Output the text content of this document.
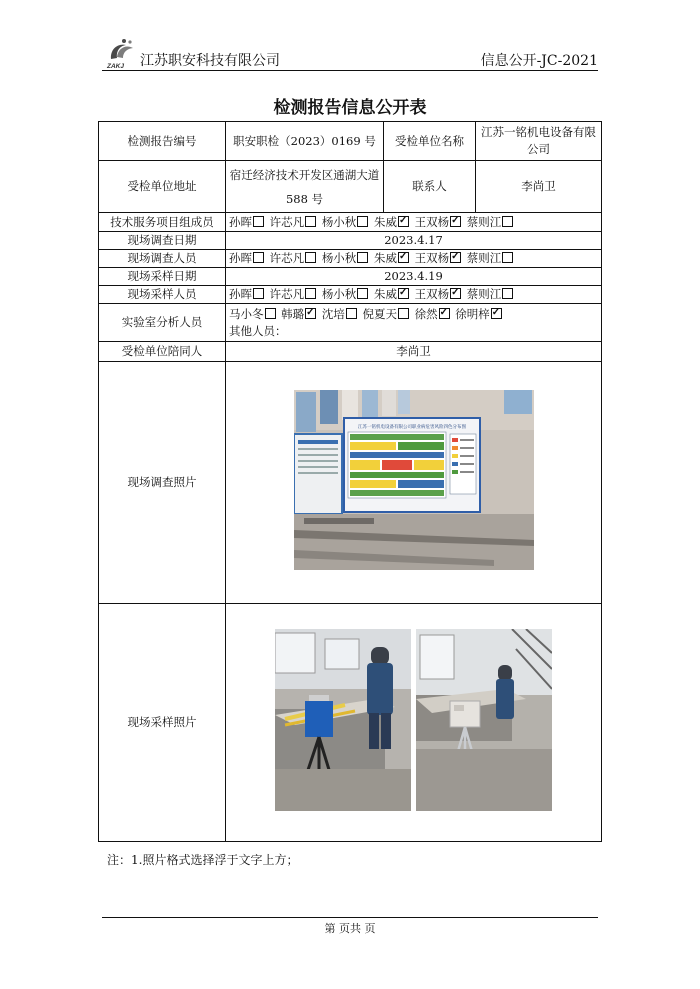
ZAKJ 江苏职安科技有限公司	信息公开-JC-2021
检测报告信息公开表
检测报告编号	职安职检（2023）0169 号	受检单位名称	江苏一铭机电设备有限公司
受检单位地址	宿迁经济技术开发区通湖大道 588 号	联系人	李尚卫
技术服务项目组成员	孙晖 许芯凡 杨小秋 朱威 ✓ 王双杨 ✓ 蔡则江
现场调查日期	2023.4.17		
现场调查人员	孙晖 许芯凡 杨小秋 朱威 ✓ 王双杨 ✓ 蔡则江
现场采样日期	2023.4.19		
现场采样人员	孙晖 许芯凡 杨小秋 朱威 ✓ 王双杨 ✓ 蔡则江
实验室分析人员	马小冬 韩璐 ✓ 沈培 倪夏天 徐然 ✓ 徐明梓✓
其他人员：

受检单位陪同人	李尚卫		
现场调查照片	江苏一铭机电设备有限公司职业病危害风险四色分布图		

现场采样照片	
注：1.照片格式选择浮于文字上方；
第 页共 页
